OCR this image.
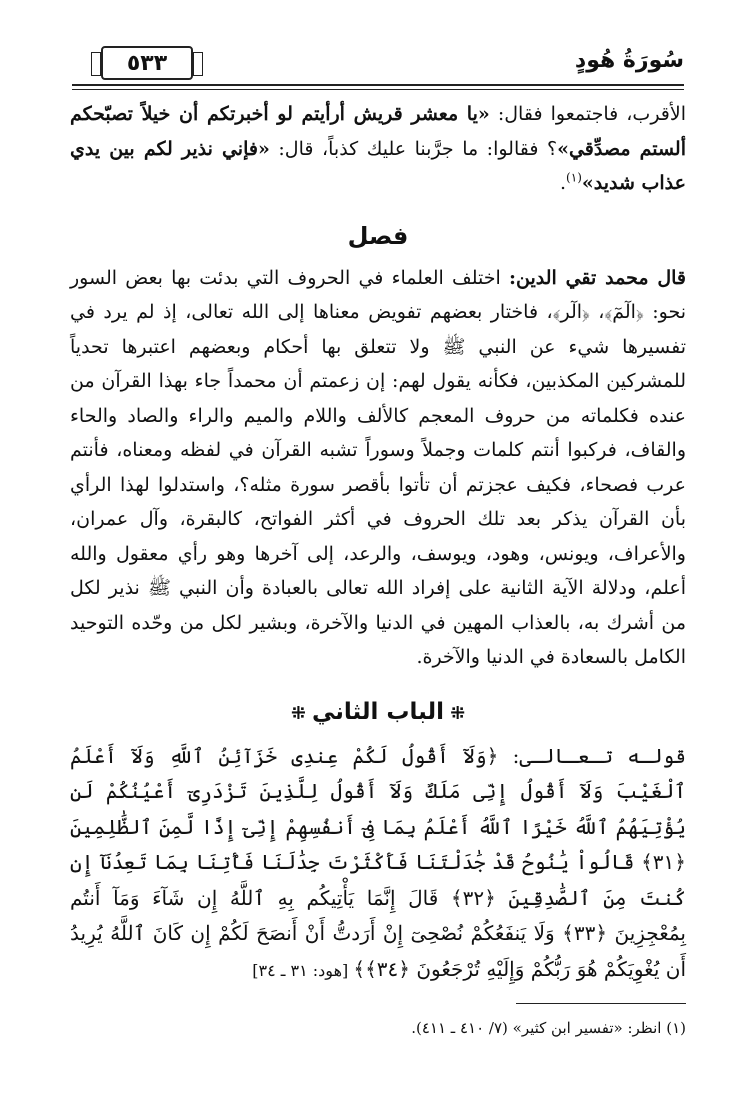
٥٣٣	سُورَةُ هُودٍ

الأقرب، فاجتمعوا فقال: «يا معشر قريش أرأيتم لو أخبرتكم أن خيلاً تصبّحكم ألستم مصدِّقي»؟ فقالوا: ما جرَّبنا عليك كذباً، قال: «فإني نذير لكم بين يدي عذاب شديد»$^{(١)}$.

فصل

قال محمد تقي الدين: اختلف العلماء في الحروف التي بدئت بها بعض السور نحو: ﴿الٓمٓ﴾، ﴿الٓر﴾، فاختار بعضهم تفويض معناها إلى الله تعالى، إذ لم يرد في تفسيرها شيء عن النبي ﷺ ولا تتعلق بها أحكام وبعضهم اعتبرها تحدياً للمشركين المكذبين، فكأنه يقول لهم: إن زعمتم أن محمداً جاء بهذا القرآن من عنده فكلماته من حروف المعجم كالألف واللام والميم والراء والصاد والحاء والقاف، فركبوا أنتم كلمات وجملاً وسوراً تشبه القرآن في لفظه ومعناه، فأنتم عرب فصحاء، فكيف عجزتم أن تأتوا بأقصر سورة مثله؟، واستدلوا لهذا الرأي بأن القرآن يذكر بعد تلك الحروف في أكثر الفواتح، كالبقرة، وآل عمران، والأعراف، ويونس، وهود، ويوسف، والرعد، إلى آخرها وهو رأي معقول والله أعلم، ودلالة الآية الثانية على إفراد الله تعالى بالعبادة وأن النبي ﷺ نذير لكل من أشرك به، بالعذاب المهين في الدنيا والآخرة، وبشير لكل من وحّده التوحيد الكامل بالسعادة في الدنيا والآخرة.

⁜الباب الثاني⁜

قولـه تـعـالـى: ﴿وَلَآ أَقُولُ لَكُمْ عِندِى خَزَآئِنُ ٱللَّهِ وَلَآ أَعْلَمُ ٱلْغَيْبَ وَلَآ أَقُولُ إِنِّى مَلَكٌ وَلَآ أَقُولُ لِلَّذِينَ تَزْدَرِىٓ أَعْيُنُكُمْ لَن يُؤْتِيَهُمُ ٱللَّهُ خَيْرًا ٱللَّهُ أَعْلَمُ بِمَا فِىٓ أَنفُسِهِمْ إِنِّىٓ إِذًا لَّمِنَ ٱلظَّٰلِمِينَ ﴿٣١﴾ قَالُواْ يَٰنُوحُ قَدْ جَٰدَلْتَنَا فَأَكْثَرْتَ جِدَٰلَنَا فَأْتِنَا بِمَا تَعِدُنَآ إِن كُنتَ مِنَ ٱلصَّٰدِقِينَ ﴿٣٢﴾ قَالَ إِنَّمَا يَأْتِيكُم بِهِ ٱللَّهُ إِن شَآءَ وَمَآ أَنتُم بِمُعْجِزِينَ ﴿٣٣﴾ وَلَا يَنفَعُكُمْ نُصْحِىٓ إِنْ أَرَدتُّ أَنْ أَنصَحَ لَكُمْ إِن كَانَ ٱللَّهُ يُرِيدُ أَن يُغْوِيَكُمْ هُوَ رَبُّكُمْ وَإِلَيْهِ تُرْجَعُونَ ﴿٣٤﴾﴾ [هود: ٣١ ـ ٣٤]

(١) انظر: «تفسير ابن كثير» (٧/ ٤١٠ ـ ٤١١).
